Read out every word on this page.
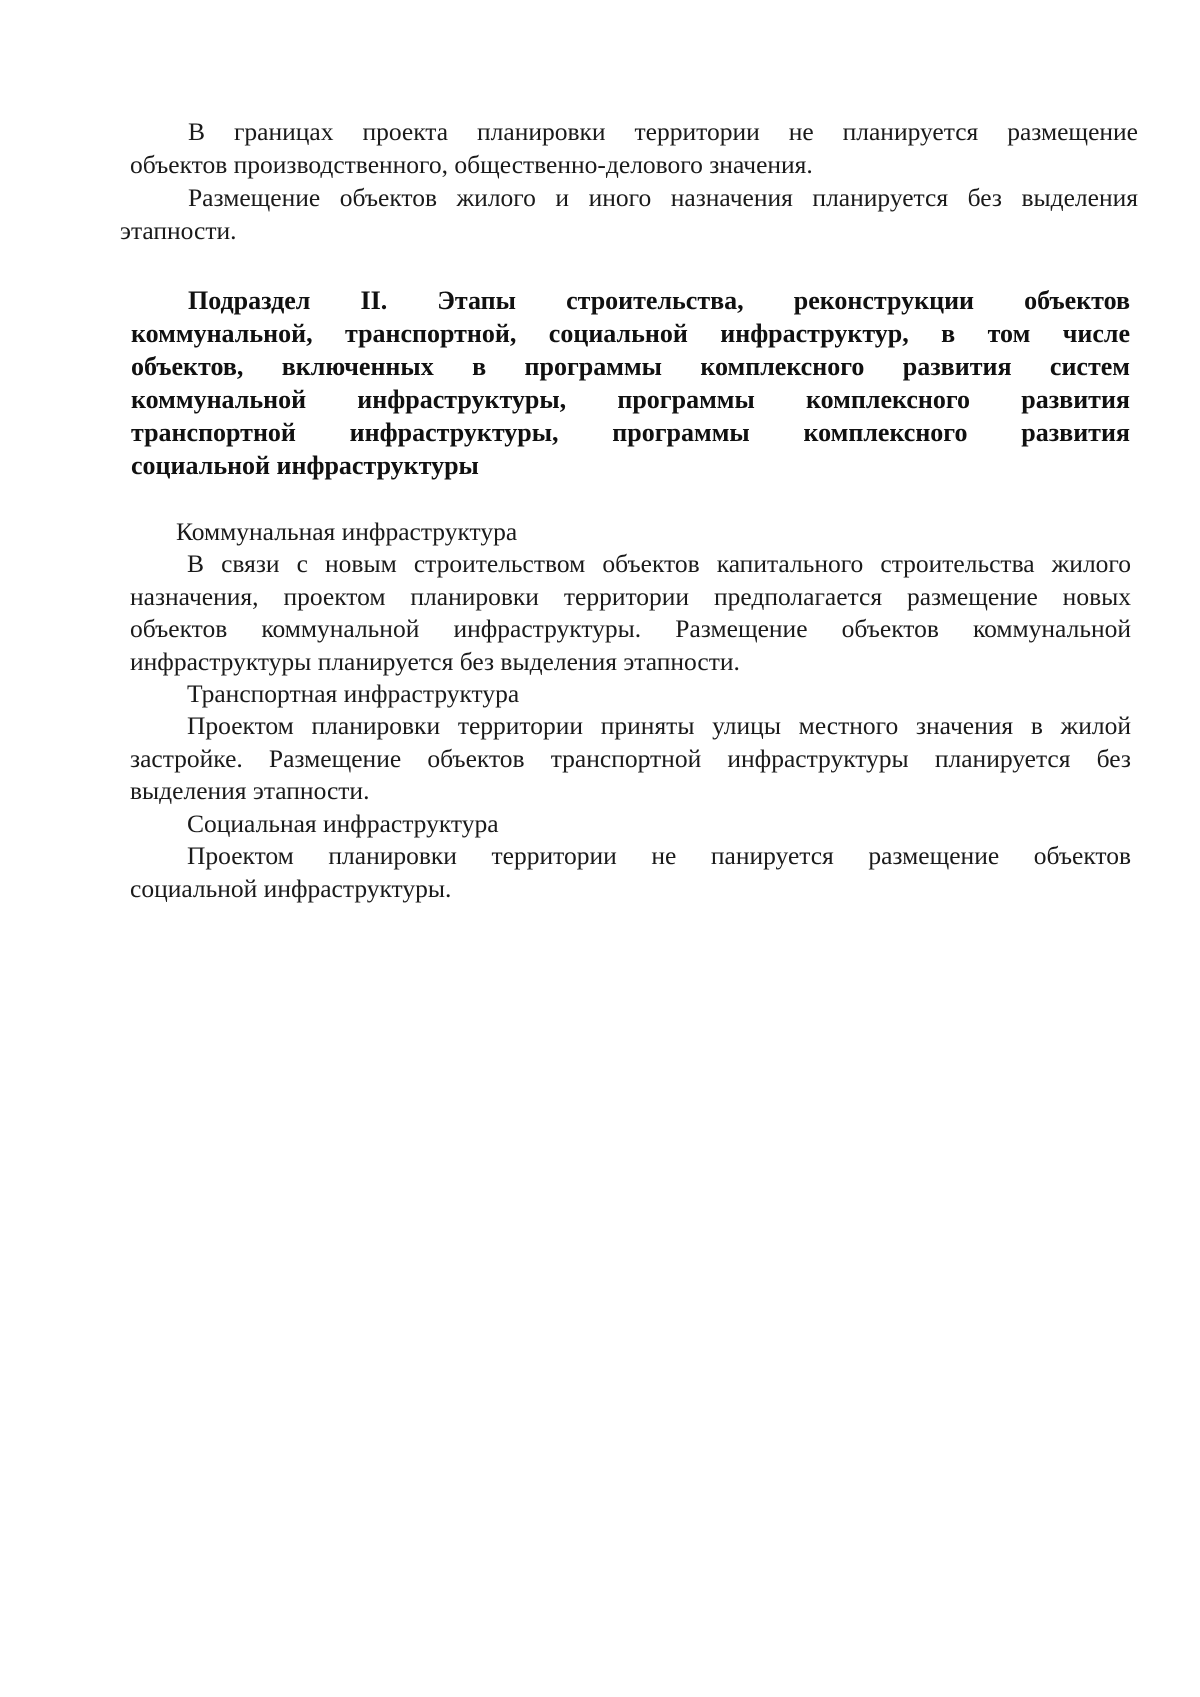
В границах проекта планировки территории не планируется размещение
объектов производственного, общественно-делового значения.
Размещение объектов жилого и иного назначения планируется без выделения
этапности.
Подраздел II. Этапы строительства, реконструкции объектов
коммунальной, транспортной, социальной инфраструктур, в том числе
объектов, включенных в программы комплексного развития систем
коммунальной инфраструктуры, программы комплексного развития
транспортной инфраструктуры, программы комплексного развития
социальной инфраструктуры
Коммунальная инфраструктура
В связи с новым строительством объектов капитального строительства жилого
назначения, проектом планировки территории предполагается размещение новых
объектов коммунальной инфраструктуры. Размещение объектов коммунальной
инфраструктуры планируется без выделения этапности.
Транспортная инфраструктура
Проектом планировки территории приняты улицы местного значения в жилой
застройке. Размещение объектов транспортной инфраструктуры планируется без
выделения этапности.
Социальная инфраструктура
Проектом планировки территории не панируется размещение объектов
социальной инфраструктуры.
